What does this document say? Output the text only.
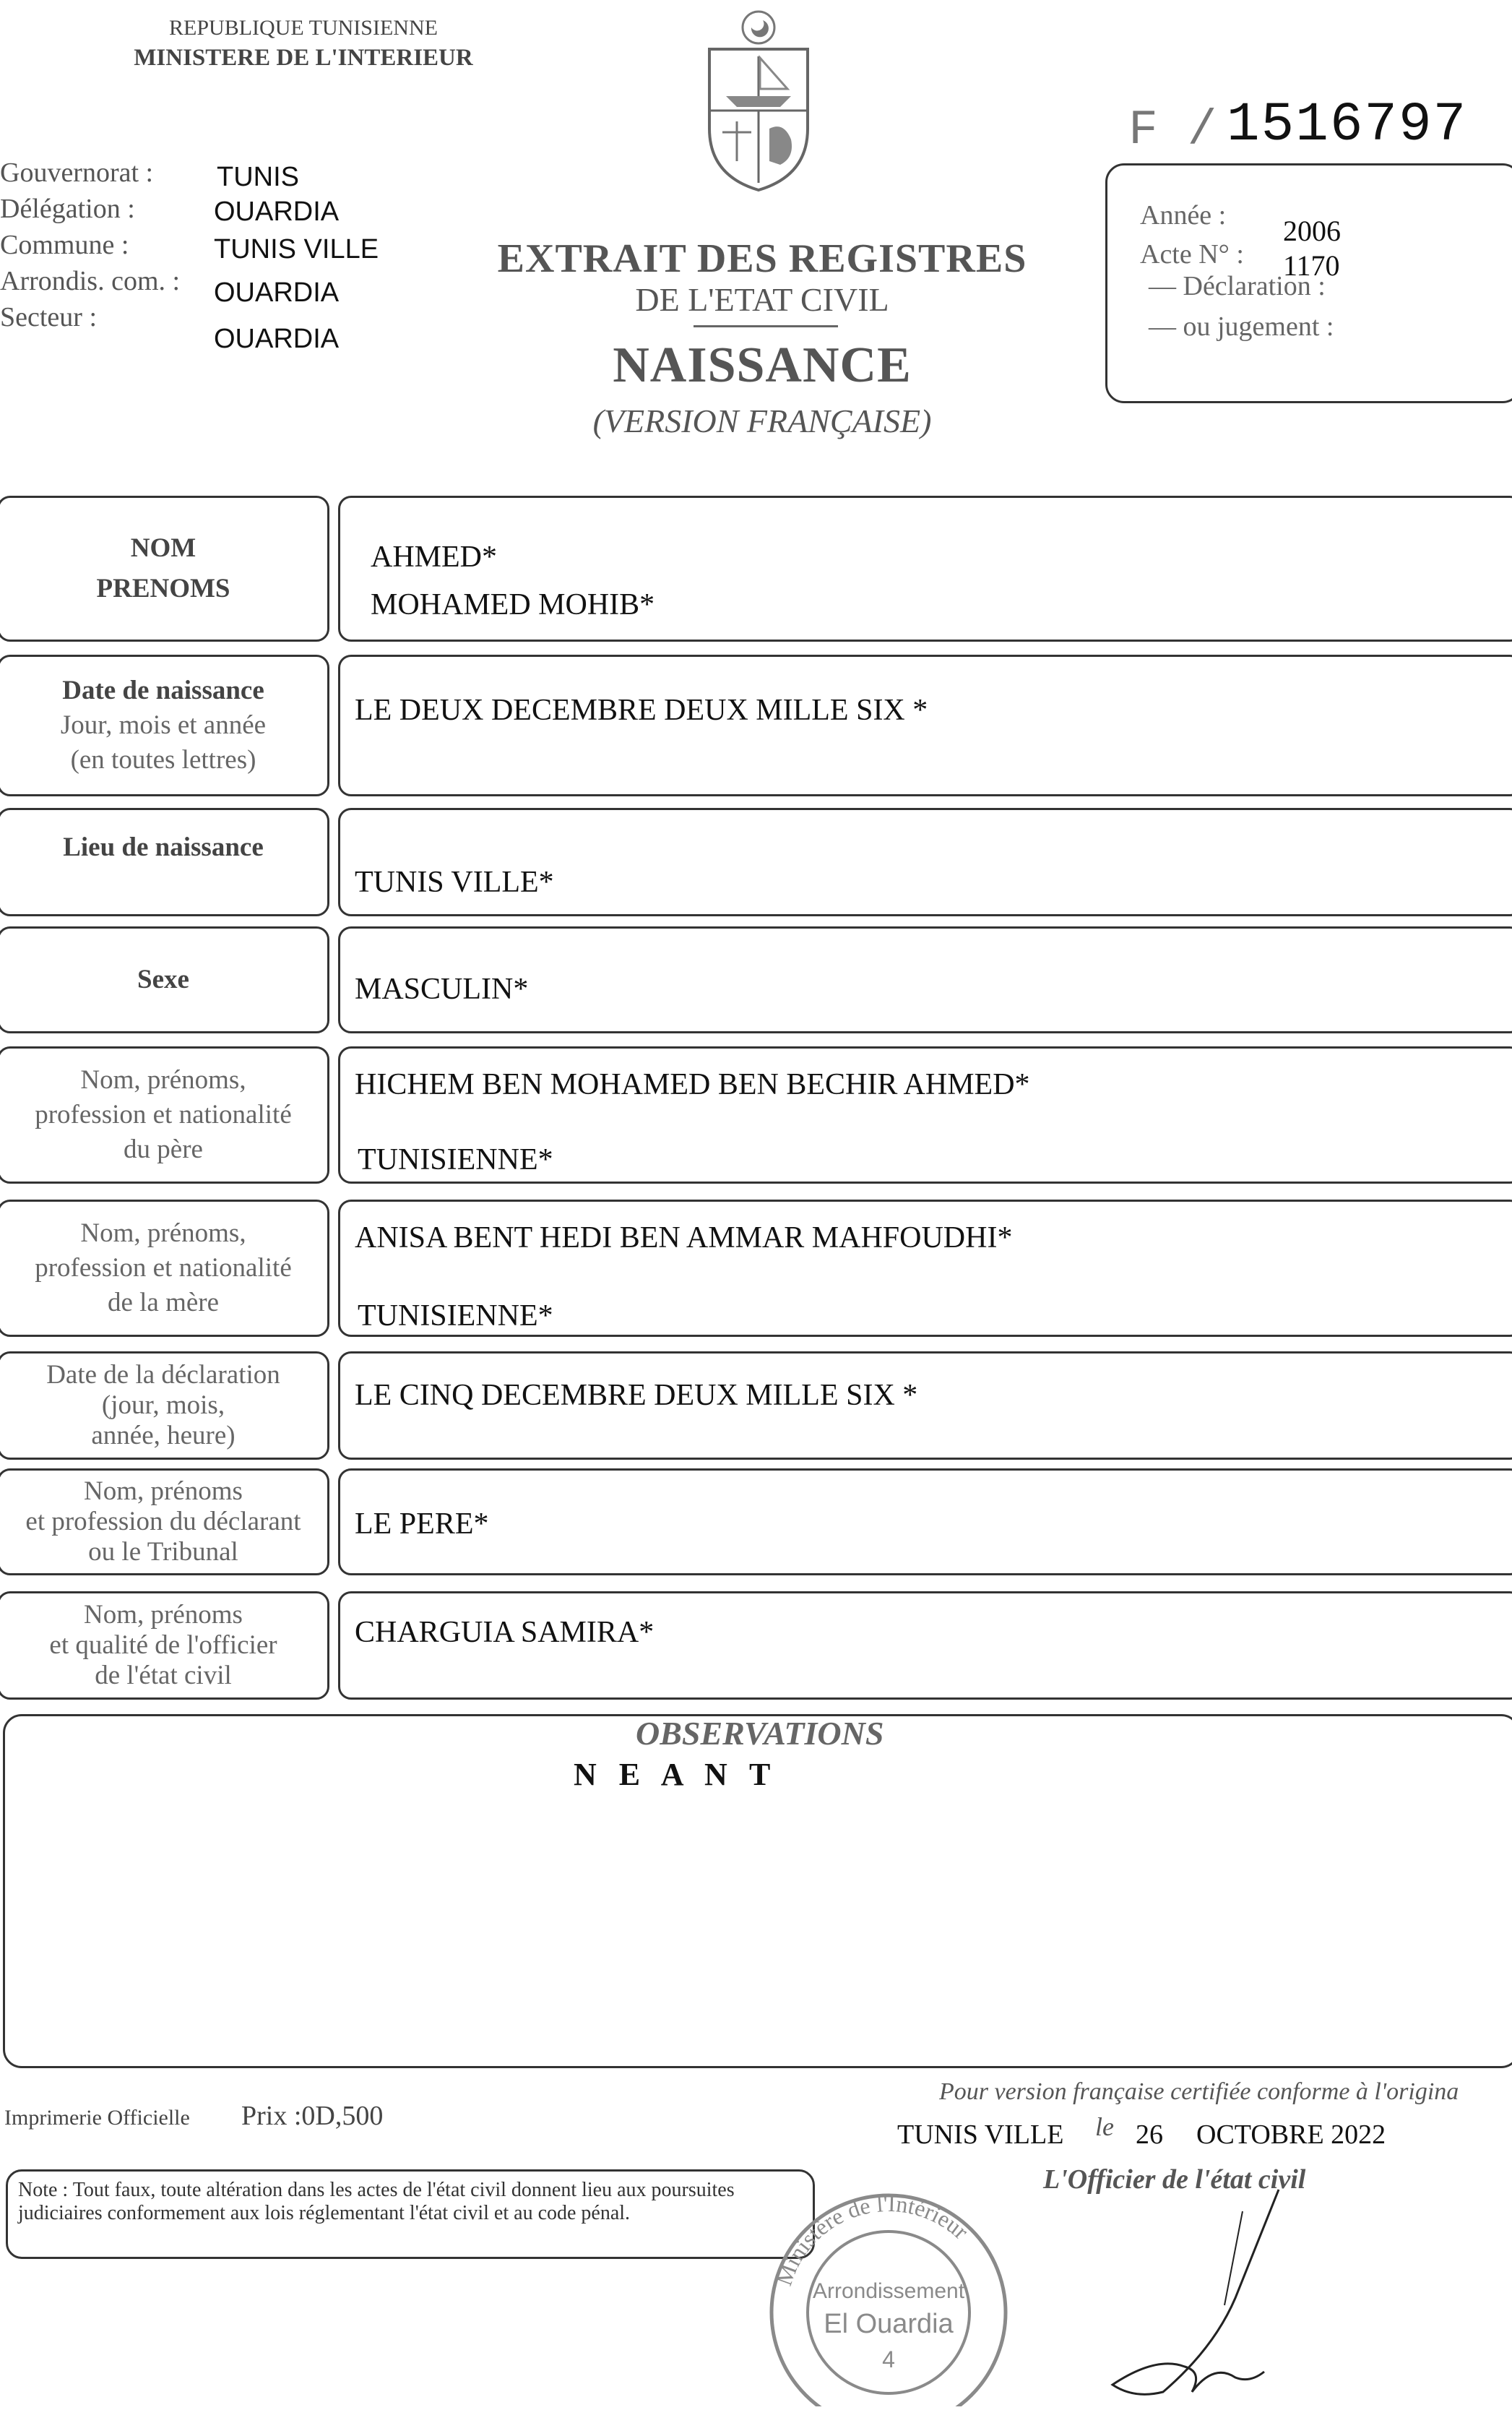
REPUBLIQUE TUNISIENNE
MINISTERE DE L'INTERIEUR
Gouvernorat :
Délégation :
Commune :
Arrondis. com. :
Secteur :
TUNIS
OUARDIA
TUNIS VILLE
OUARDIA
OUARDIA
EXTRAIT DES REGISTRES
DE L'ETAT CIVIL
NAISSANCE
(VERSION FRANÇAISE)
F / 1516797
Année : 2006
Acte N° : 1170
— Déclaration :
— ou jugement :
NOM
PRENOMS
AHMED*
MOHAMED MOHIB*
Date de naissance
Jour, mois et année
(en toutes lettres)
LE DEUX DECEMBRE DEUX MILLE SIX *
Lieu de naissance
TUNIS VILLE*
Sexe	MASCULIN*
Nom, prénoms,
profession et nationalité
du père
HICHEM BEN MOHAMED BEN BECHIR AHMED*
TUNISIENNE*
Nom, prénoms,
profession et nationalité
de la mère
ANISA BENT HEDI BEN AMMAR MAHFOUDHI*
TUNISIENNE*
Date de la déclaration
(jour, mois,
année, heure)
LE CINQ DECEMBRE DEUX MILLE SIX *
Nom, prénoms
et profession du déclarant
ou le Tribunal
LE PERE*
Nom, prénoms
et qualité de l'officier
de l'état civil
CHARGUIA SAMIRA*
OBSERVATIONS
N E A N T
Imprimerie Officielle Prix :0D,500
Pour version française certifiée conforme à l'origina
TUNIS VILLE le 26 OCTOBRE 2022
L'Officier de l'état civil
Note : Tout faux, toute altération dans les actes de l'état civil donnent lieu aux poursuites judiciaires conformement aux lois réglementant l'état civil et au code pénal.
Ministère de l'Intérieur
Arrondissement
El Ouardia
4
